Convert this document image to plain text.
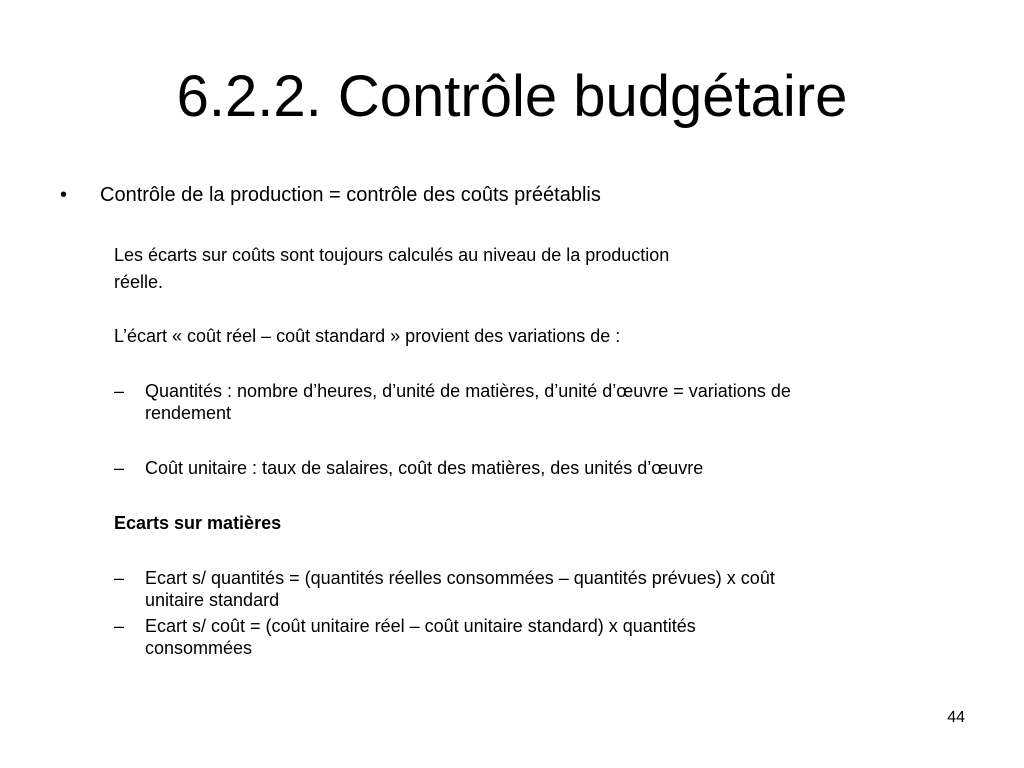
6.2.2. Contrôle budgétaire
• Contrôle de la production = contrôle des coûts préétablis
Les écarts sur coûts sont toujours calculés au niveau de la production
réelle.
L’écart « coût réel – coût standard » provient des variations de :
– Quantités : nombre d’heures, d’unité de matières, d’unité d’œuvre = variations de
rendement
– Coût unitaire : taux de salaires, coût des matières, des unités d’œuvre
Ecarts sur matières
– Ecart s/ quantités = (quantités réelles consommées – quantités prévues) x coût
unitaire standard
– Ecart s/ coût = (coût unitaire réel – coût unitaire standard) x quantités
consommées
44
